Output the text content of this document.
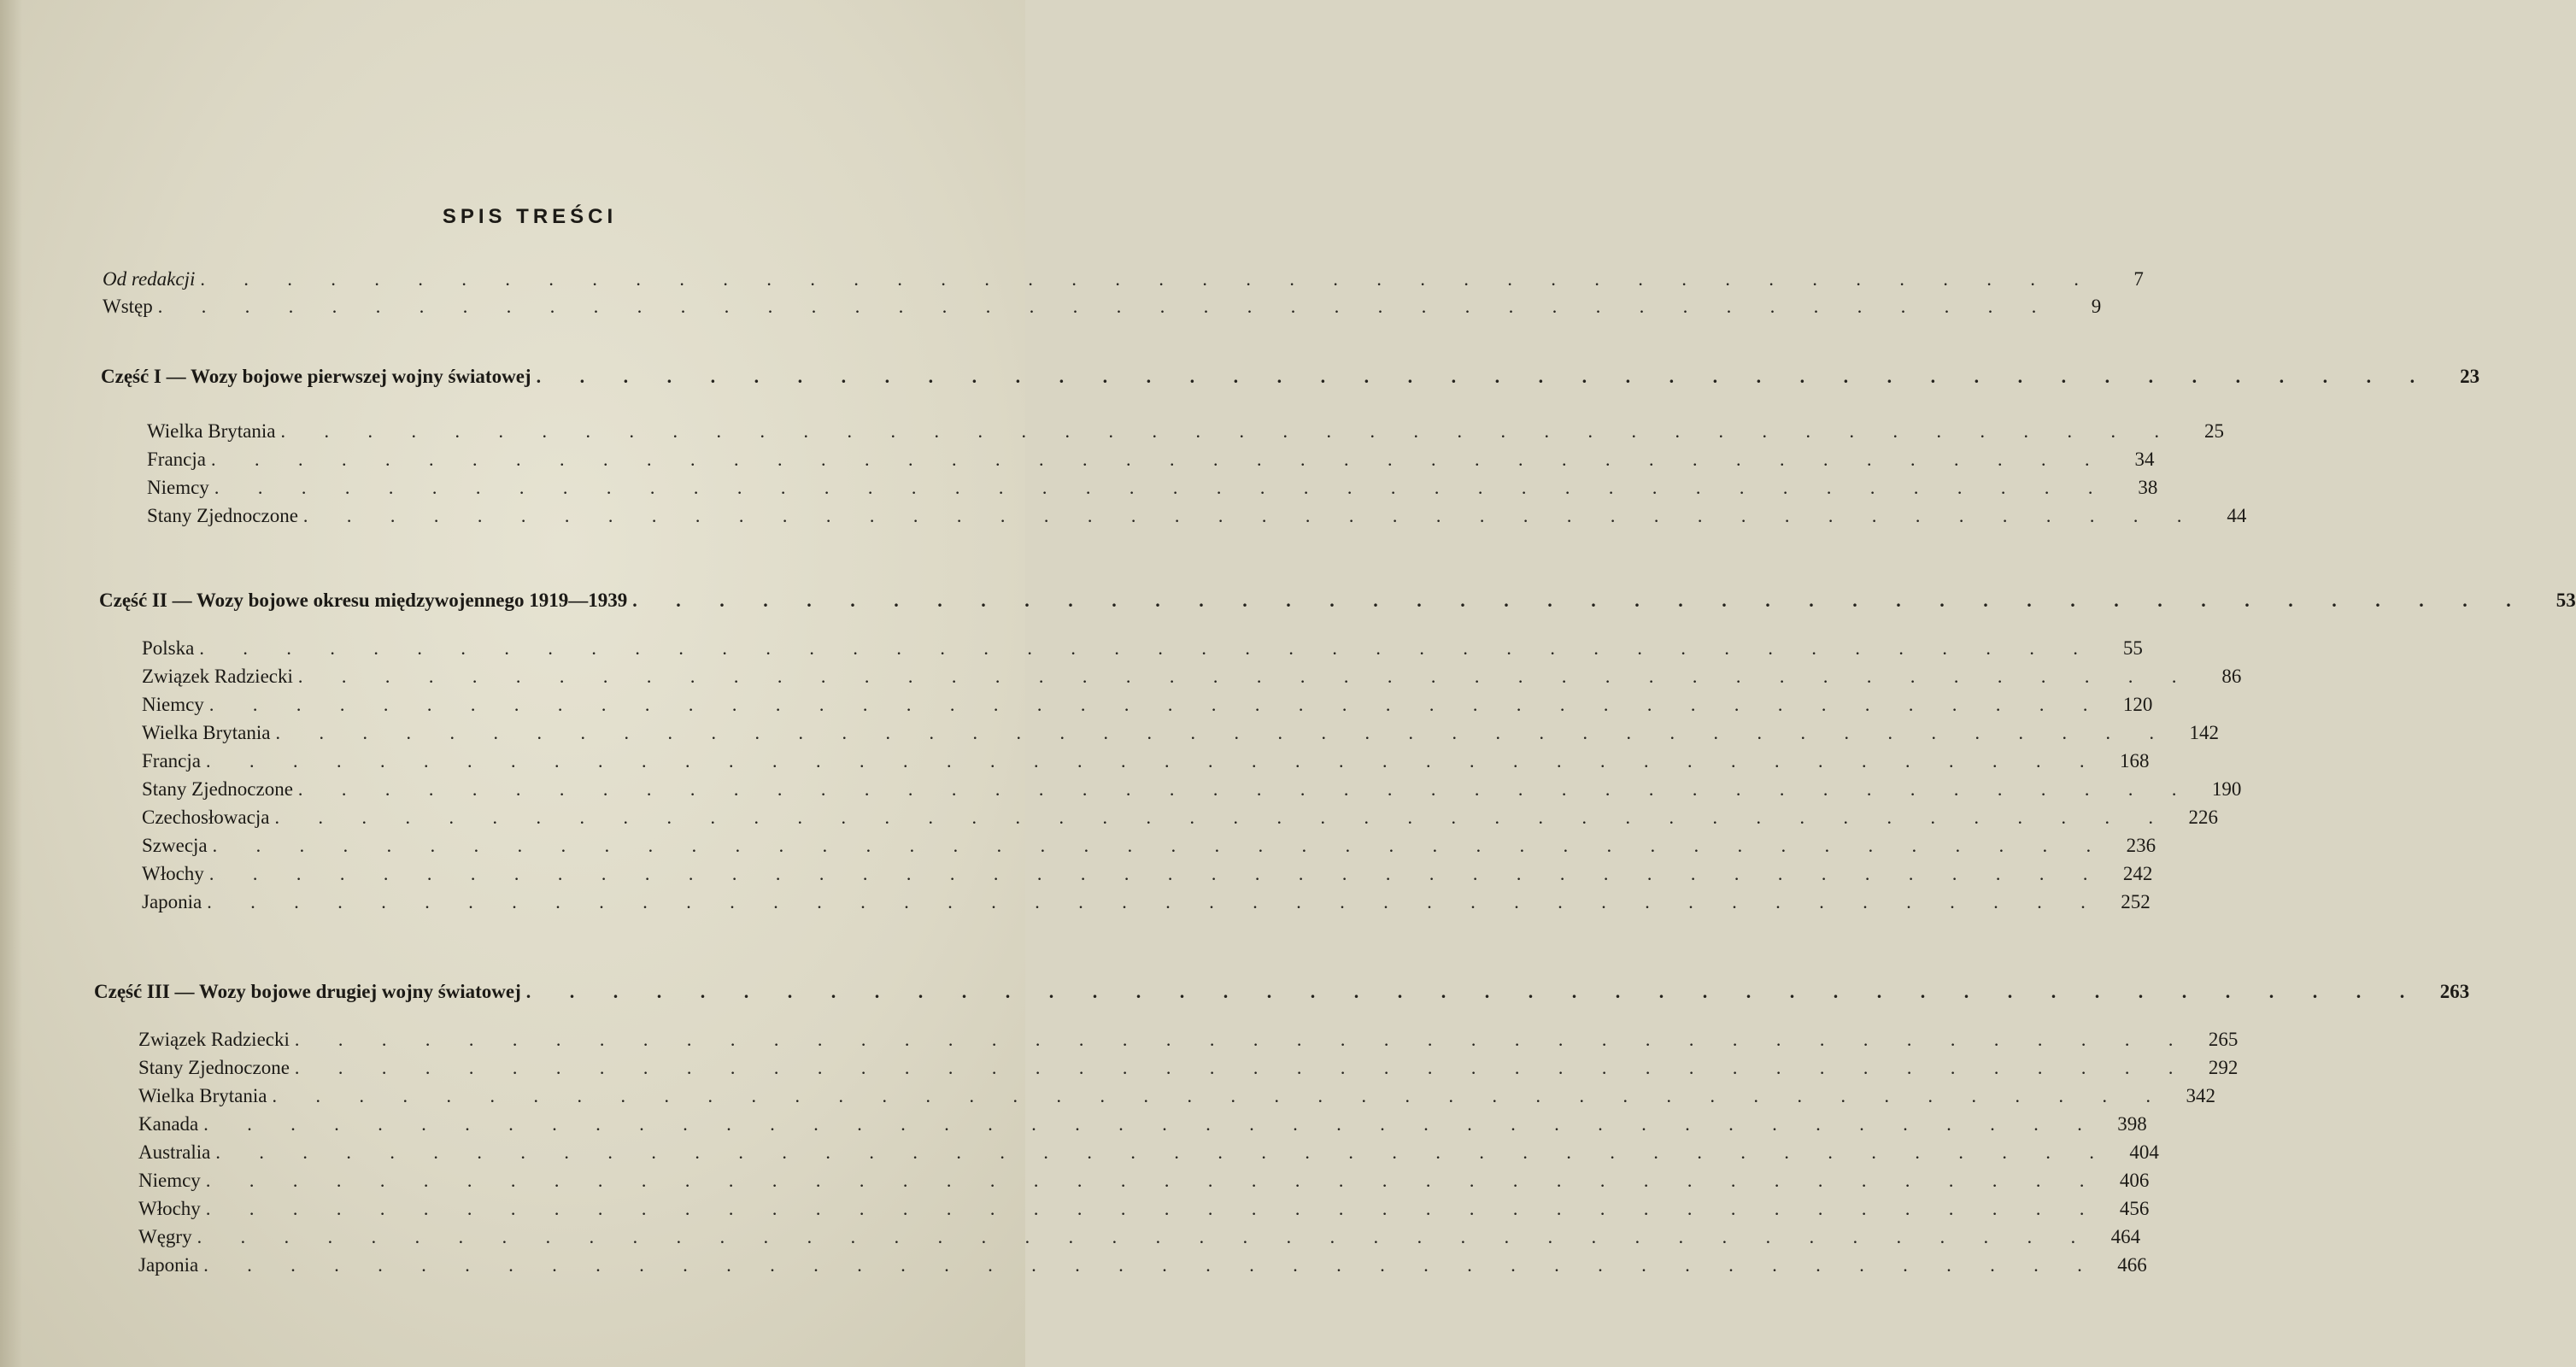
SPIS TREŚCI
Od redakcji . . . . . . . . . . . . . . . . . . . . . . . . . . . . . . . . . . . . . . . . . . . .	7
Wstęp . . . . . . . . . . . . . . . . . . . . . . . . . . . . . . . . . . . . . . . . . . . .	9
Część I — Wozy bojowe pierwszej wojny światowej . . . . . . . . . . . . . . . . . . . . . . . . . . . . . . . . . . . . . . . . . . . .	23
Wielka Brytania . . . . . . . . . . . . . . . . . . . . . . . . . . . . . . . . . . . . . . . . . . . .	25
Francja . . . . . . . . . . . . . . . . . . . . . . . . . . . . . . . . . . . . . . . . . . . .	34
Niemcy . . . . . . . . . . . . . . . . . . . . . . . . . . . . . . . . . . . . . . . . . . . .	38
Stany Zjednoczone . . . . . . . . . . . . . . . . . . . . . . . . . . . . . . . . . . . . . . . . . . . .	44
Część II — Wozy bojowe okresu międzywojennego 1919—1939 . . . . . . . . . . . . . . . . . . . . . . . . . . . . . . . . . . . . . . . . . . . .	53
Polska . . . . . . . . . . . . . . . . . . . . . . . . . . . . . . . . . . . . . . . . . . . .	55
Związek Radziecki . . . . . . . . . . . . . . . . . . . . . . . . . . . . . . . . . . . . . . . . . . . .	86
Niemcy . . . . . . . . . . . . . . . . . . . . . . . . . . . . . . . . . . . . . . . . . . . . 120
Wielka Brytania . . . . . . . . . . . . . . . . . . . . . . . . . . . . . . . . . . . . . . . . . . . . 142
Francja . . . . . . . . . . . . . . . . . . . . . . . . . . . . . . . . . . . . . . . . . . . . 168
Stany Zjednoczone . . . . . . . . . . . . . . . . . . . . . . . . . . . . . . . . . . . . . . . . . . . . 190
Czechosłowacja . . . . . . . . . . . . . . . . . . . . . . . . . . . . . . . . . . . . . . . . . . . . 226
Szwecja . . . . . . . . . . . . . . . . . . . . . . . . . . . . . . . . . . . . . . . . . . . . 236
Włochy . . . . . . . . . . . . . . . . . . . . . . . . . . . . . . . . . . . . . . . . . . . . 242
Japonia . . . . . . . . . . . . . . . . . . . . . . . . . . . . . . . . . . . . . . . . . . . . 252
Część III — Wozy bojowe drugiej wojny światowej . . . . . . . . . . . . . . . . . . . . . . . . . . . . . . . . . . . . . . . . . . . . 263
Związek Radziecki . . . . . . . . . . . . . . . . . . . . . . . . . . . . . . . . . . . . . . . . . . . . 265
Stany Zjednoczone . . . . . . . . . . . . . . . . . . . . . . . . . . . . . . . . . . . . . . . . . . . . 292
Wielka Brytania . . . . . . . . . . . . . . . . . . . . . . . . . . . . . . . . . . . . . . . . . . . . 342
Kanada . . . . . . . . . . . . . . . . . . . . . . . . . . . . . . . . . . . . . . . . . . . . 398
Australia . . . . . . . . . . . . . . . . . . . . . . . . . . . . . . . . . . . . . . . . . . . . 404
Niemcy . . . . . . . . . . . . . . . . . . . . . . . . . . . . . . . . . . . . . . . . . . . . 406
Włochy . . . . . . . . . . . . . . . . . . . . . . . . . . . . . . . . . . . . . . . . . . . . 456
Węgry . . . . . . . . . . . . . . . . . . . . . . . . . . . . . . . . . . . . . . . . . . . . 464
Japonia . . . . . . . . . . . . . . . . . . . . . . . . . . . . . . . . . . . . . . . . . . . . 466
